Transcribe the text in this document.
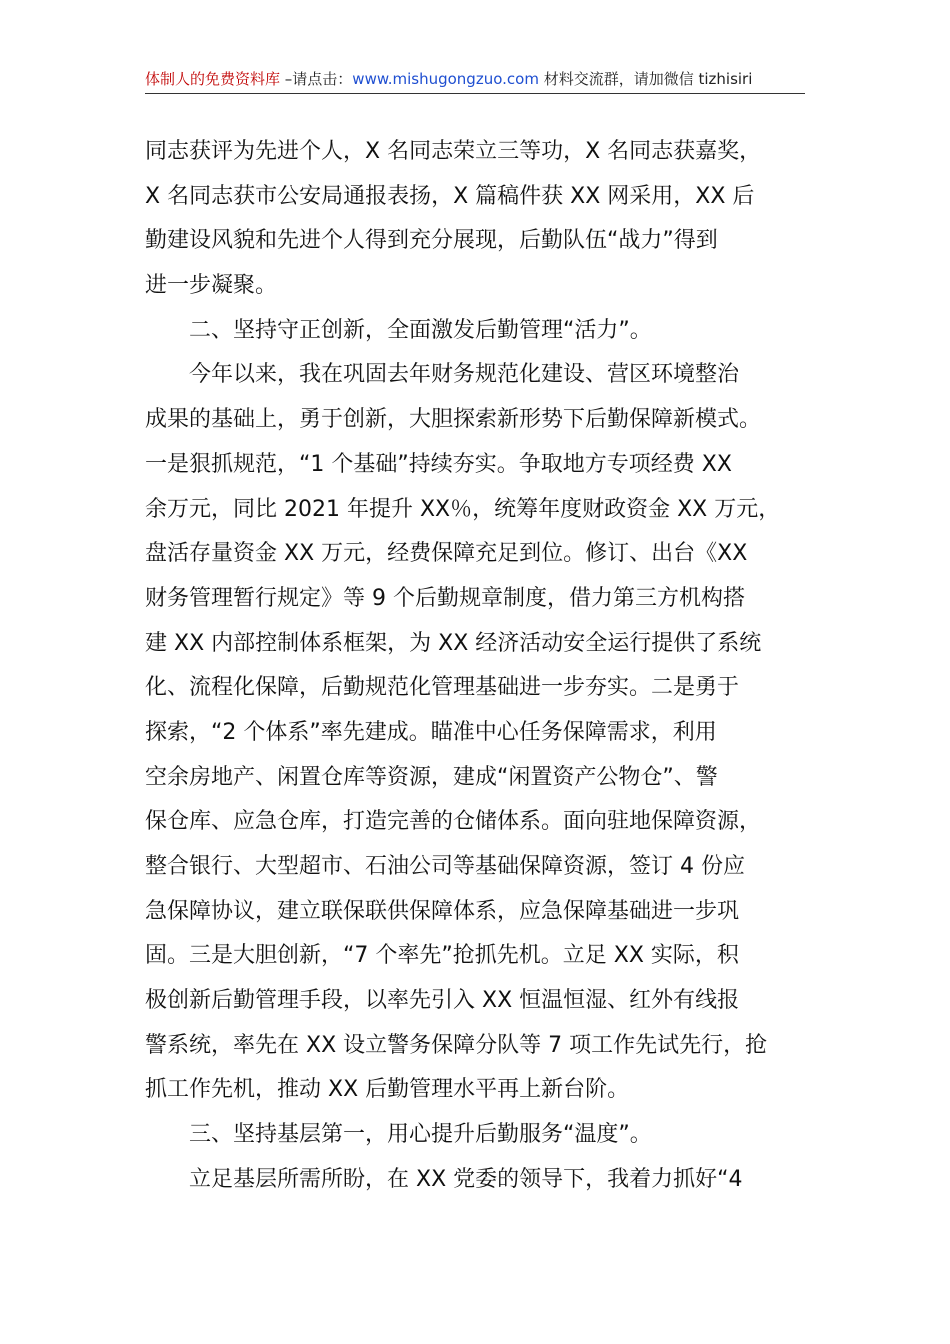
体制人的免费资料库 –请点击：www.mishugongzuo.com 材料交流群，请加微信 tizhisiri
同志获评为先进个人，X 名同志荣立三等功，X 名同志获嘉奖，
X 名同志获市公安局通报表扬，X 篇稿件获 XX 网采用，XX 后
勤建设风貌和先进个人得到充分展现，后勤队伍“战力”得到
进一步凝聚。
二、坚持守正创新，全面激发后勤管理“活力”。
今年以来，我在巩固去年财务规范化建设、营区环境整治
成果的基础上，勇于创新，大胆探索新形势下后勤保障新模式。
一是狠抓规范，“1 个基础”持续夯实。争取地方专项经费 XX
余万元，同比 2021 年提升 XX％，统筹年度财政资金 XX 万元，
盘活存量资金 XX 万元，经费保障充足到位。修订、出台《XX
财务管理暂行规定》等 9 个后勤规章制度，借力第三方机构搭
建 XX 内部控制体系框架，为 XX 经济活动安全运行提供了系统
化、流程化保障，后勤规范化管理基础进一步夯实。二是勇于
探索，“2 个体系”率先建成。瞄准中心任务保障需求，利用
空余房地产、闲置仓库等资源，建成“闲置资产公物仓”、警
保仓库、应急仓库，打造完善的仓储体系。面向驻地保障资源，
整合银行、大型超市、石油公司等基础保障资源，签订 4 份应
急保障协议，建立联保联供保障体系，应急保障基础进一步巩
固。三是大胆创新，“7 个率先”抢抓先机。立足 XX 实际，积
极创新后勤管理手段，以率先引入 XX 恒温恒湿、红外有线报
警系统，率先在 XX 设立警务保障分队等 7 项工作先试先行，抢
抓工作先机，推动 XX 后勤管理水平再上新台阶。
三、坚持基层第一，用心提升后勤服务“温度”。
立足基层所需所盼，在 XX 党委的领导下，我着力抓好“4
